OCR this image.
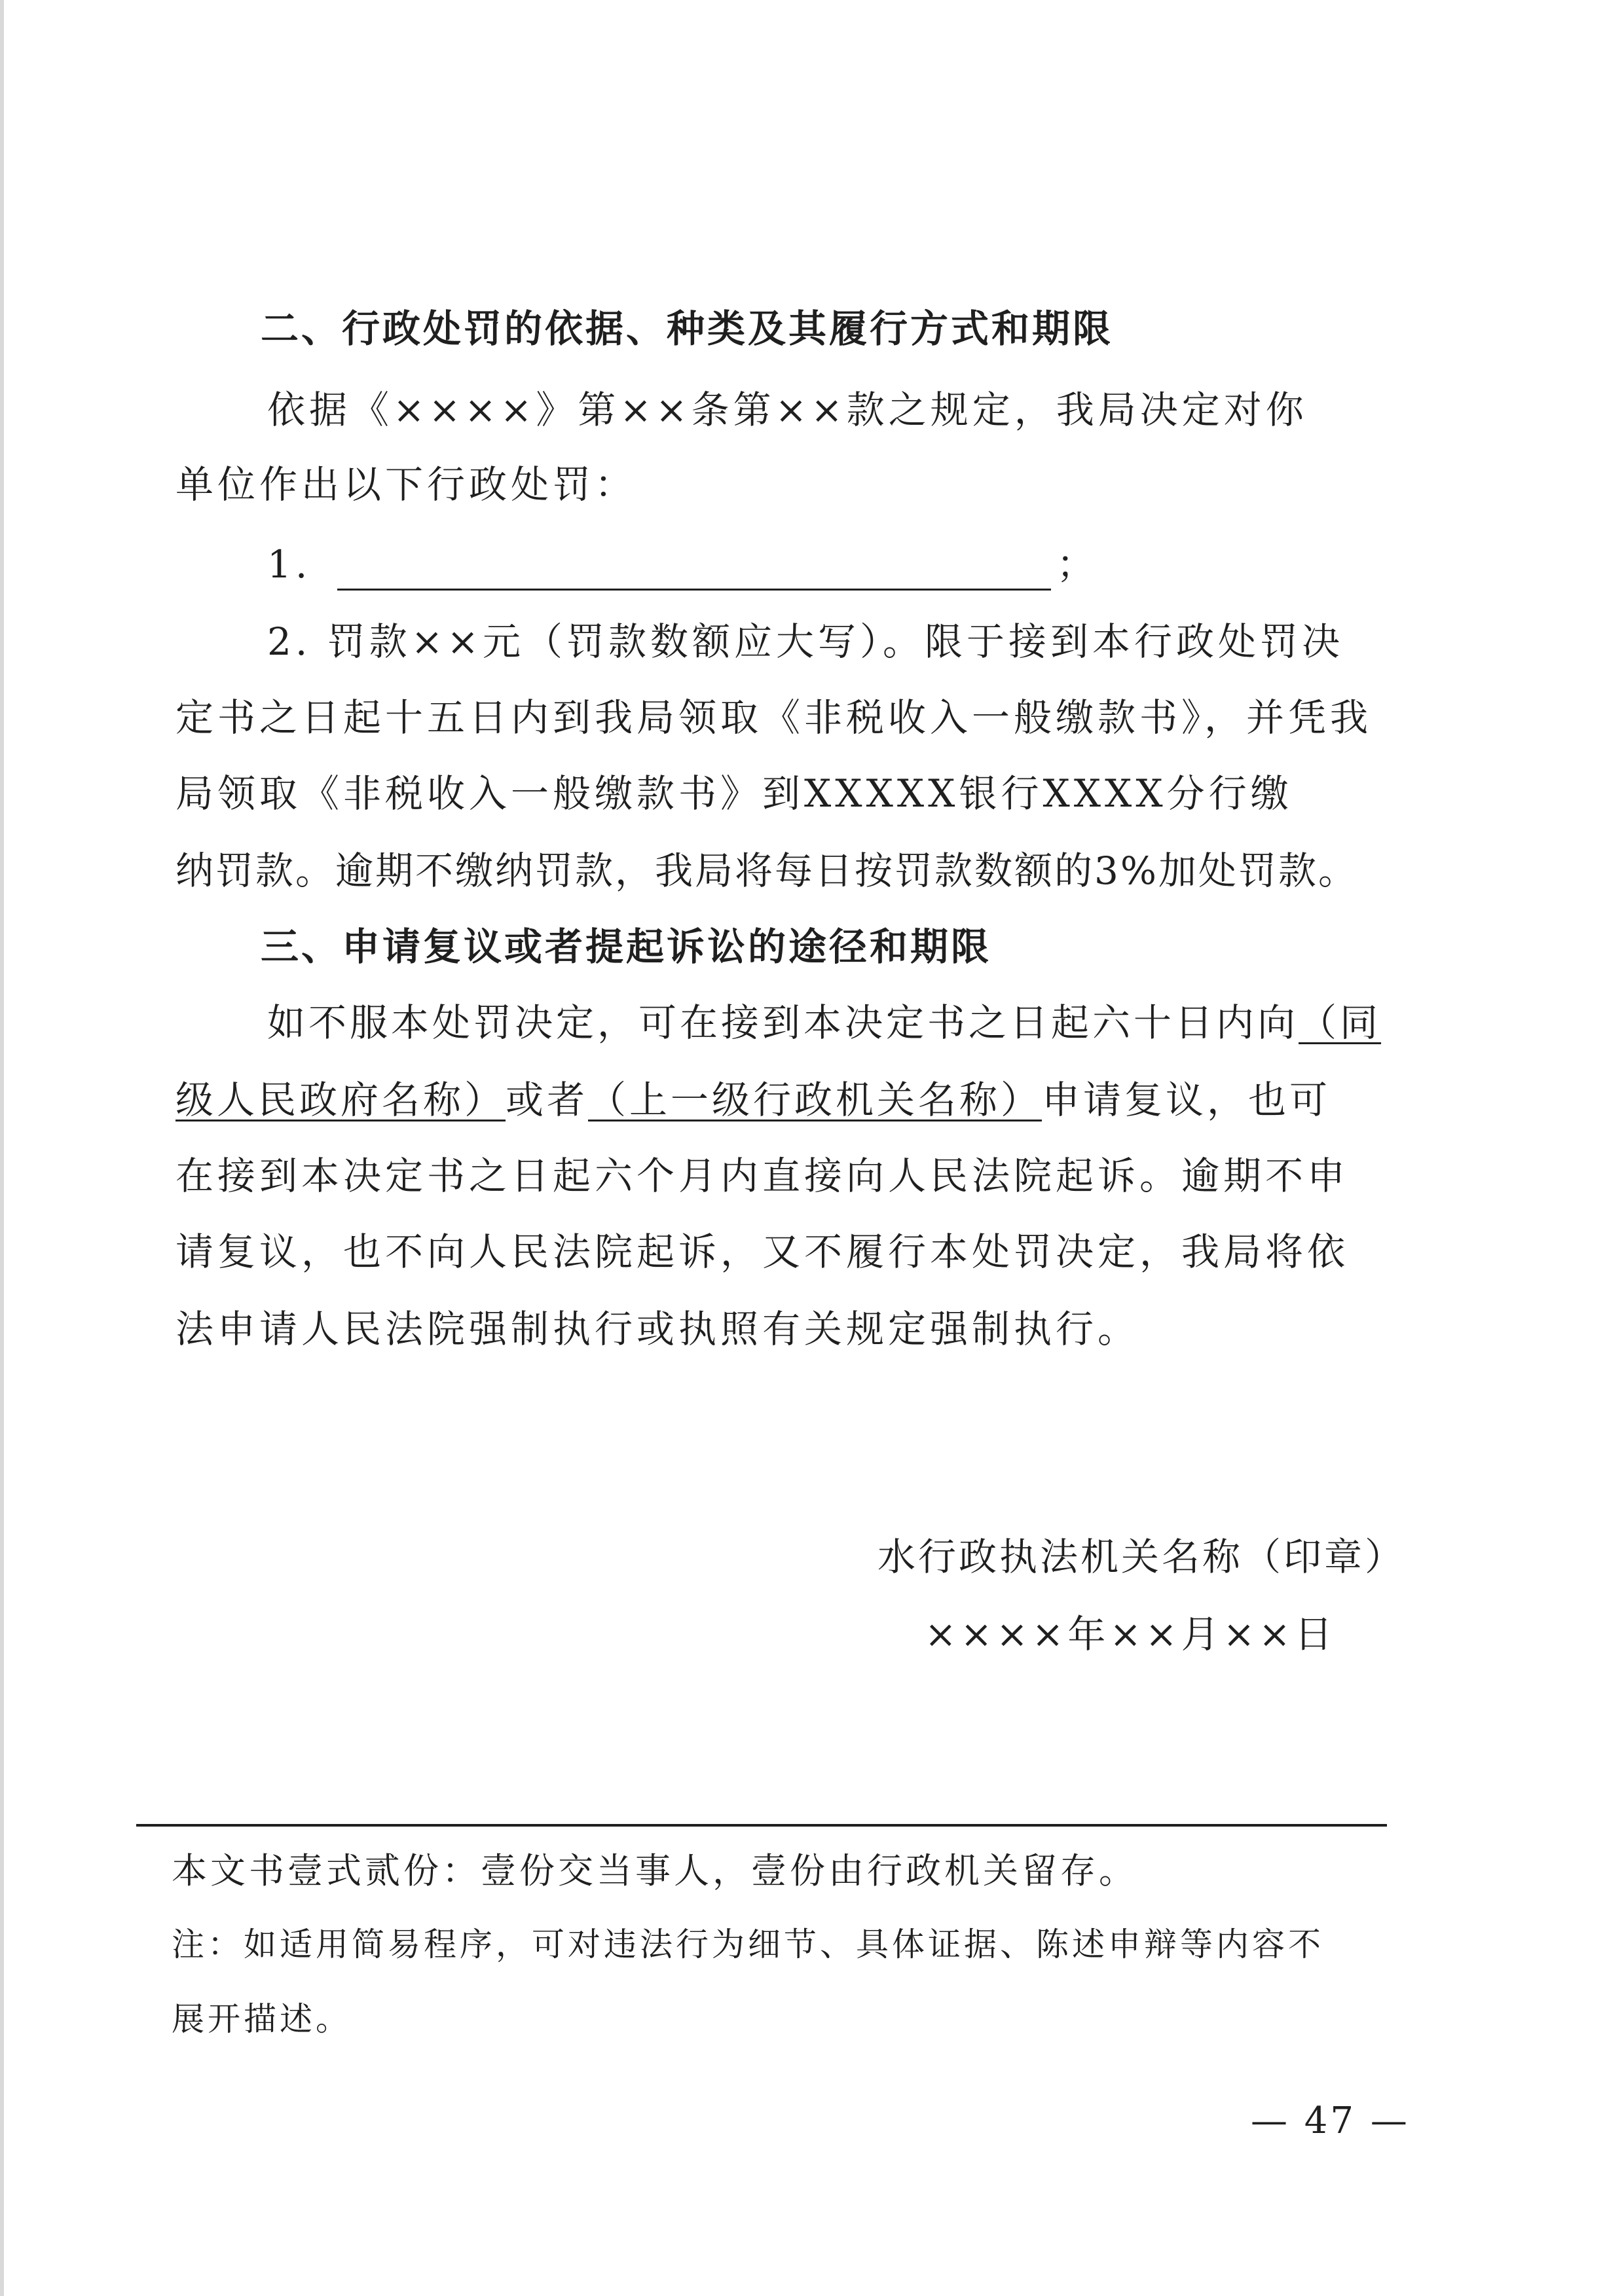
二、行政处罚的依据、种类及其履行方式和期限
依据《××××》第××条第××款之规定，我局决定对你
单位作出以下行政处罚：
1.	；
2. 罚款××元（罚款数额应大写）。限于接到本行政处罚决
定书之日起十五日内到我局领取《非税收入一般缴款书》，并凭我
局领取《非税收入一般缴款书》到XXXXX银行XXXX分行缴
纳罚款。逾期不缴纳罚款，我局将每日按罚款数额的3%加处罚款。
三、申请复议或者提起诉讼的途径和期限
如不服本处罚决定，可在接到本决定书之日起六十日内向（同
级人民政府名称）或者（上一级行政机关名称）申请复议，也可
在接到本决定书之日起六个月内直接向人民法院起诉。逾期不申
请复议，也不向人民法院起诉，又不履行本处罚决定，我局将依
法申请人民法院强制执行或执照有关规定强制执行。
水行政执法机关名称（印章）
××××年××月××日
本文书壹式贰份：壹份交当事人，壹份由行政机关留存。
注：如适用简易程序，可对违法行为细节、具体证据、陈述申辩等内容不
展开描述。
— 47 —
